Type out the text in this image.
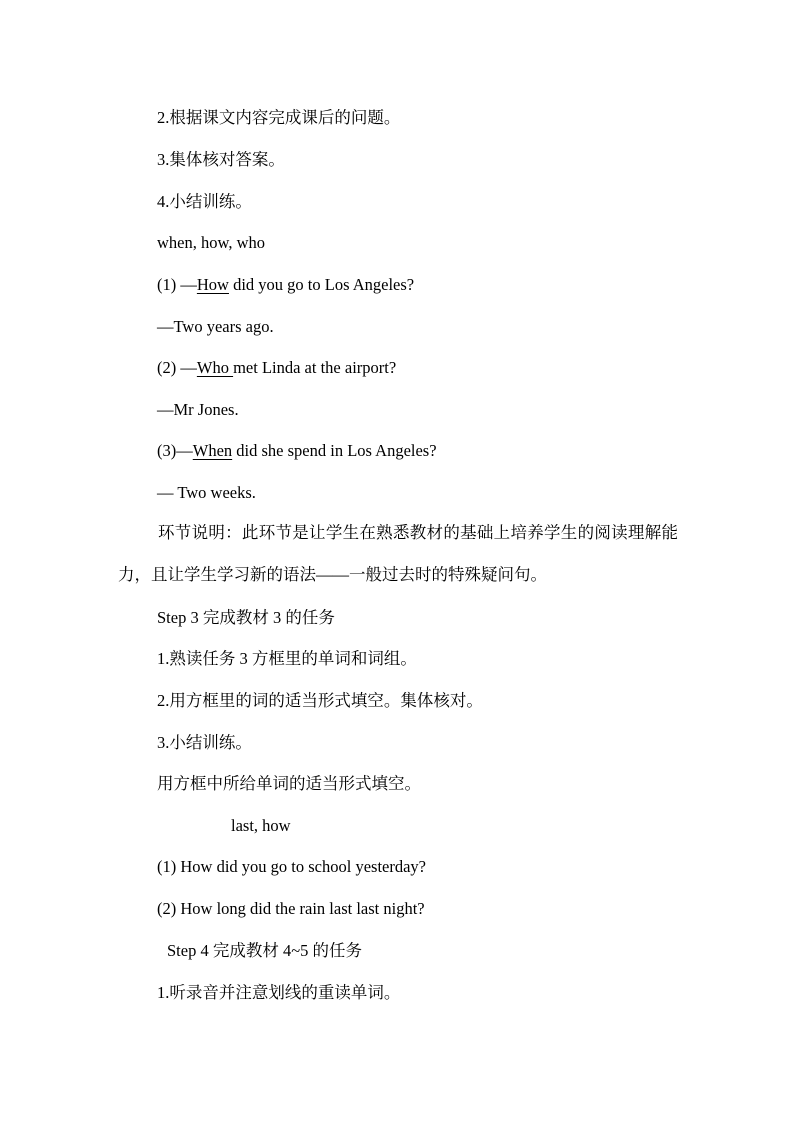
2.根据课文内容完成课后的问题。
3.集体核对答案。
4.小结训练。
when, how, who
(1) —How did you go to Los Angeles?
—Two years ago.
(2) —Who met Linda at the airport?
—Mr Jones.
(3)—When did she spend in Los Angeles?
— Two weeks.
环节说明：此环节是让学生在熟悉教材的基础上培养学生的阅读理解能力，且让学生学习新的语法——一般过去时的特殊疑问句。
Step 3 完成教材 3 的任务
1.熟读任务 3 方框里的单词和词组。
2.用方框里的词的适当形式填空。集体核对。
3.小结训练。
用方框中所给单词的适当形式填空。
last, how
(1) How did you go to school yesterday?
(2) How long did the rain last last night?
Step 4 完成教材 4~5 的任务
1.听录音并注意划线的重读单词。
